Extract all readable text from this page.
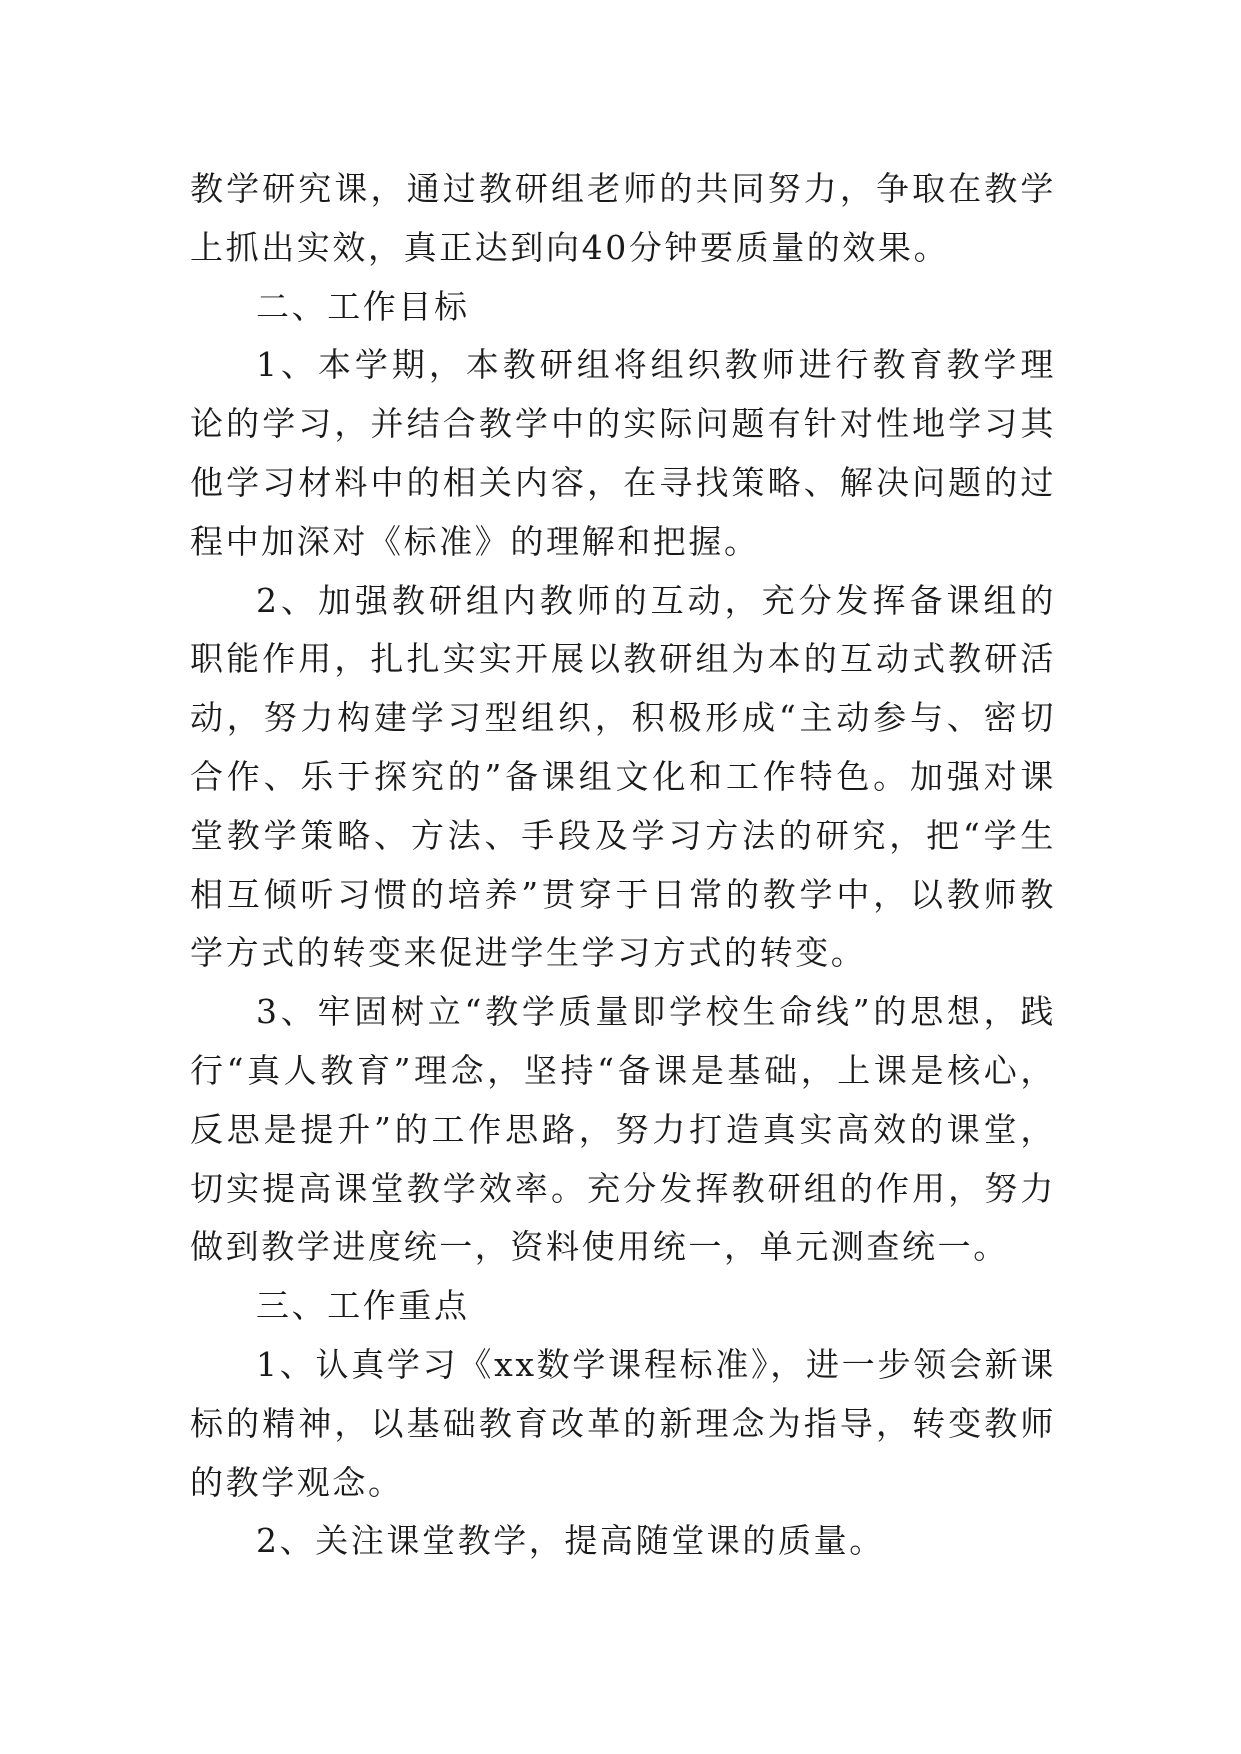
教学研究课，通过教研组老师的共同努力，争取在教学上抓出实效，真正达到向40分钟要质量的效果。

二、工作目标

1、本学期，本教研组将组织教师进行教育教学理论的学习，并结合教学中的实际问题有针对性地学习其他学习材料中的相关内容，在寻找策略、解决问题的过程中加深对《标准》的理解和把握。

2、加强教研组内教师的互动，充分发挥备课组的职能作用，扎扎实实开展以教研组为本的互动式教研活动，努力构建学习型组织，积极形成“主动参与、密切合作、乐于探究的”备课组文化和工作特色。加强对课堂教学策略、方法、手段及学习方法的研究，把“学生相互倾听习惯的培养”贯穿于日常的教学中，以教师教学方式的转变来促进学生学习方式的转变。

3、牢固树立“教学质量即学校生命线”的思想，践行“真人教育”理念，坚持“备课是基础，上课是核心，反思是提升”的工作思路，努力打造真实高效的课堂，切实提高课堂教学效率。充分发挥教研组的作用，努力做到教学进度统一，资料使用统一，单元测查统一。

三、工作重点

1、认真学习《xx数学课程标准》，进一步领会新课标的精神，以基础教育改革的新理念为指导，转变教师的教学观念。

2、关注课堂教学，提高随堂课的质量。
